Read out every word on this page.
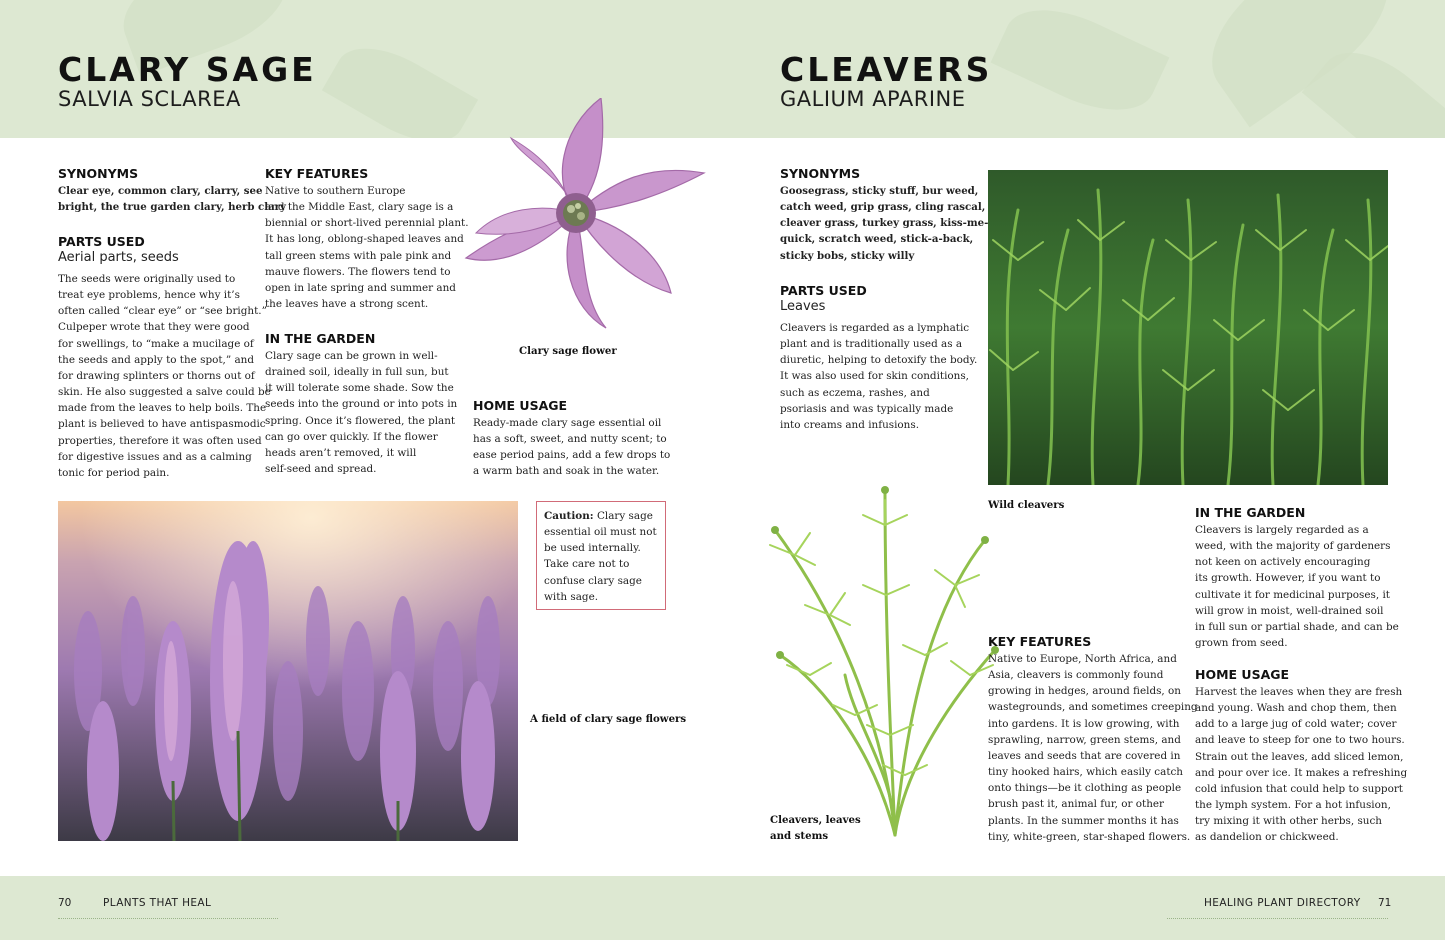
CLARY SAGE
SALVIA SCLAREA
SYNONYMS
Clear eye, common clary, clarry, see
bright, the true garden clary, herb clary
PARTS USED
Aerial parts, seeds
The seeds were originally used to
treat eye problems, hence why it’s
often called “clear eye” or “see bright.”
Culpeper wrote that they were good
for swellings, to “make a mucilage of
the seeds and apply to the spot,” and
for drawing splinters or thorns out of
skin. He also suggested a salve could be
made from the leaves to help boils. The
plant is believed to have antispasmodic
properties, therefore it was often used
for digestive issues and as a calming
tonic for period pain.
KEY FEATURES
Native to southern Europe
and the Middle East, clary sage is a
biennial or short-lived perennial plant.
It has long, oblong-shaped leaves and
tall green stems with pale pink and
mauve flowers. The flowers tend to
open in late spring and summer and
the leaves have a strong scent.
IN THE GARDEN
Clary sage can be grown in well-
drained soil, ideally in full sun, but
it will tolerate some shade. Sow the
seeds into the ground or into pots in
spring. Once it’s flowered, the plant
can go over quickly. If the flower
heads aren’t removed, it will
self-seed and spread.
Clary sage flower
HOME USAGE
Ready-made clary sage essential oil
has a soft, sweet, and nutty scent; to
ease period pains, add a few drops to
a warm bath and soak in the water.
A field of clary sage flowers
Caution: Clary sage
essential oil must not
be used internally.
Take care not to
confuse clary sage
with sage.
CLEAVERS
GALIUM APARINE
SYNONYMS
Goosegrass, sticky stuff, bur weed,
catch weed, grip grass, cling rascal,
cleaver grass, turkey grass, kiss-me-
quick, scratch weed, stick-a-back,
sticky bobs, sticky willy
PARTS USED
Leaves
Cleavers is regarded as a lymphatic
plant and is traditionally used as a
diuretic, helping to detoxify the body.
It was also used for skin conditions,
such as eczema, rashes, and
psoriasis and was typically made
into creams and infusions.
Wild cleavers
Cleavers, leaves
and stems
KEY FEATURES
Native to Europe, North Africa, and
Asia, cleavers is commonly found
growing in hedges, around fields, on
wastegrounds, and sometimes creeping
into gardens. It is low growing, with
sprawling, narrow, green stems, and
leaves and seeds that are covered in
tiny hooked hairs, which easily catch
onto things—be it clothing as people
brush past it, animal fur, or other
plants. In the summer months it has
tiny, white-green, star-shaped flowers.
IN THE GARDEN
Cleavers is largely regarded as a
weed, with the majority of gardeners
not keen on actively encouraging
its growth. However, if you want to
cultivate it for medicinal purposes, it
will grow in moist, well-drained soil
in full sun or partial shade, and can be
grown from seed.
HOME USAGE
Harvest the leaves when they are fresh
and young. Wash and chop them, then
add to a large jug of cold water; cover
and leave to steep for one to two hours.
Strain out the leaves, add sliced lemon,
and pour over ice. It makes a refreshing
cold infusion that could help to support
the lymph system. For a hot infusion,
try mixing it with other herbs, such
as dandelion or chickweed.
70	PLANTS THAT HEAL	HEALING PLANT DIRECTORY 71
